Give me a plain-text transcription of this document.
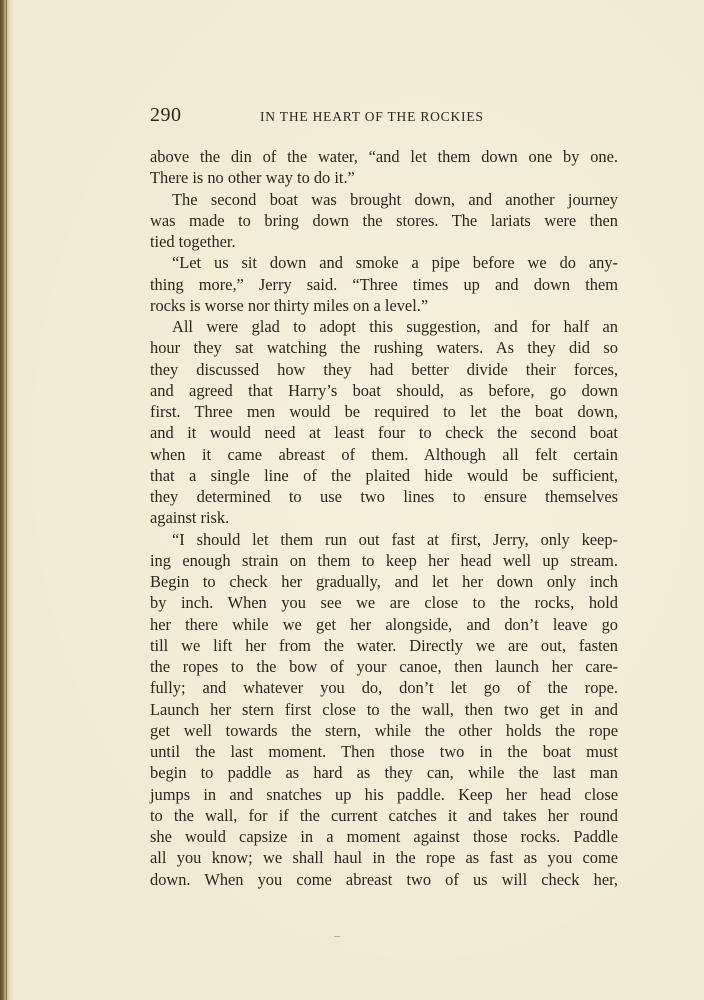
290	IN THE HEART OF THE ROCKIES
above the din of the water, “and let them down one by one.
There is no other way to do it.”
The second boat was brought down, and another journey
was made to bring down the stores. The lariats were then
tied together.
“Let us sit down and smoke a pipe before we do any-
thing more,” Jerry said. “Three times up and down them
rocks is worse nor thirty miles on a level.”
All were glad to adopt this suggestion, and for half an
hour they sat watching the rushing waters. As they did so
they discussed how they had better divide their forces,
and agreed that Harry’s boat should, as before, go down
first. Three men would be required to let the boat down,
and it would need at least four to check the second boat
when it came abreast of them. Although all felt certain
that a single line of the plaited hide would be sufficient,
they determined to use two lines to ensure themselves
against risk.
“I should let them run out fast at first, Jerry, only keep-
ing enough strain on them to keep her head well up stream.
Begin to check her gradually, and let her down only inch
by inch. When you see we are close to the rocks, hold
her there while we get her alongside, and don’t leave go
till we lift her from the water. Directly we are out, fasten
the ropes to the bow of your canoe, then launch her care-
fully; and whatever you do, don’t let go of the rope.
Launch her stern first close to the wall, then two get in and
get well towards the stern, while the other holds the rope
until the last moment. Then those two in the boat must
begin to paddle as hard as they can, while the last man
jumps in and snatches up his paddle. Keep her head close
to the wall, for if the current catches it and takes her round
she would capsize in a moment against those rocks. Paddle
all you know; we shall haul in the rope as fast as you come
down. When you come abreast two of us will check her,
